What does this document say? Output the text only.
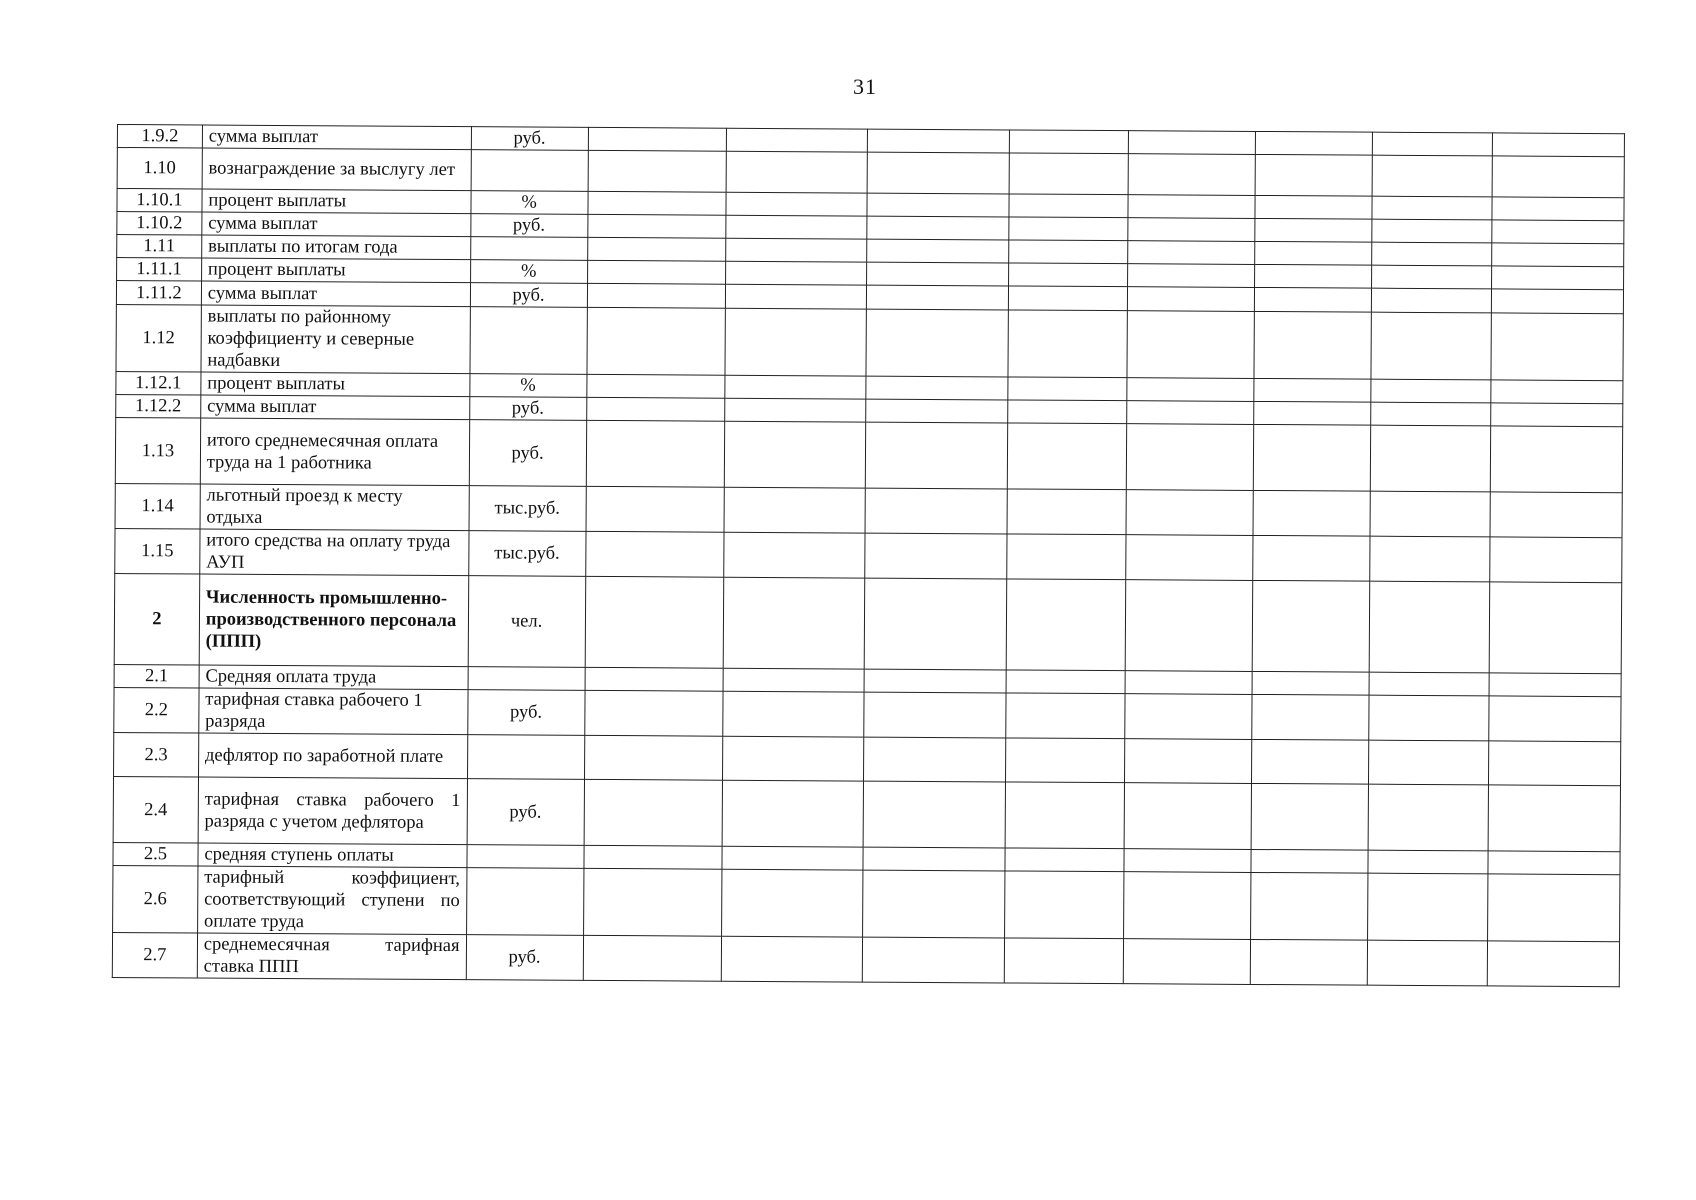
31
1.9.2	сумма выплат	руб.								
1.10	вознаграждение за выслугу лет									
1.10.1	процент выплаты	%								
1.10.2	сумма выплат	руб.								
1.11	выплаты по итогам года									
1.11.1	процент выплаты	%								
1.11.2	сумма выплат	руб.								
1.12	выплаты по районному коэффициенту и северные надбавки									
1.12.1	процент выплаты	%								
1.12.2	сумма выплат	руб.								
1.13	итого среднемесячная оплата труда на 1 работника	руб.								
1.14	льготный проезд к месту отдыха	тыс.руб.								
1.15	итого средства на оплату труда АУП	тыс.руб.								
2	Численность промышленно-производственного персонала (ППП)	чел.								
2.1	Средняя оплата труда									
2.2	тарифная ставка рабочего 1 разряда	руб.								
2.3	дефлятор по заработной плате									
2.4	тарифная ставка рабочего 1 разряда с учетом дефлятора	руб.								
2.5	средняя ступень оплаты									
2.6	тарифный коэффициент, соответствующий ступени по оплате труда									
2.7	среднемесячная тарифная ставка ППП	руб.								
